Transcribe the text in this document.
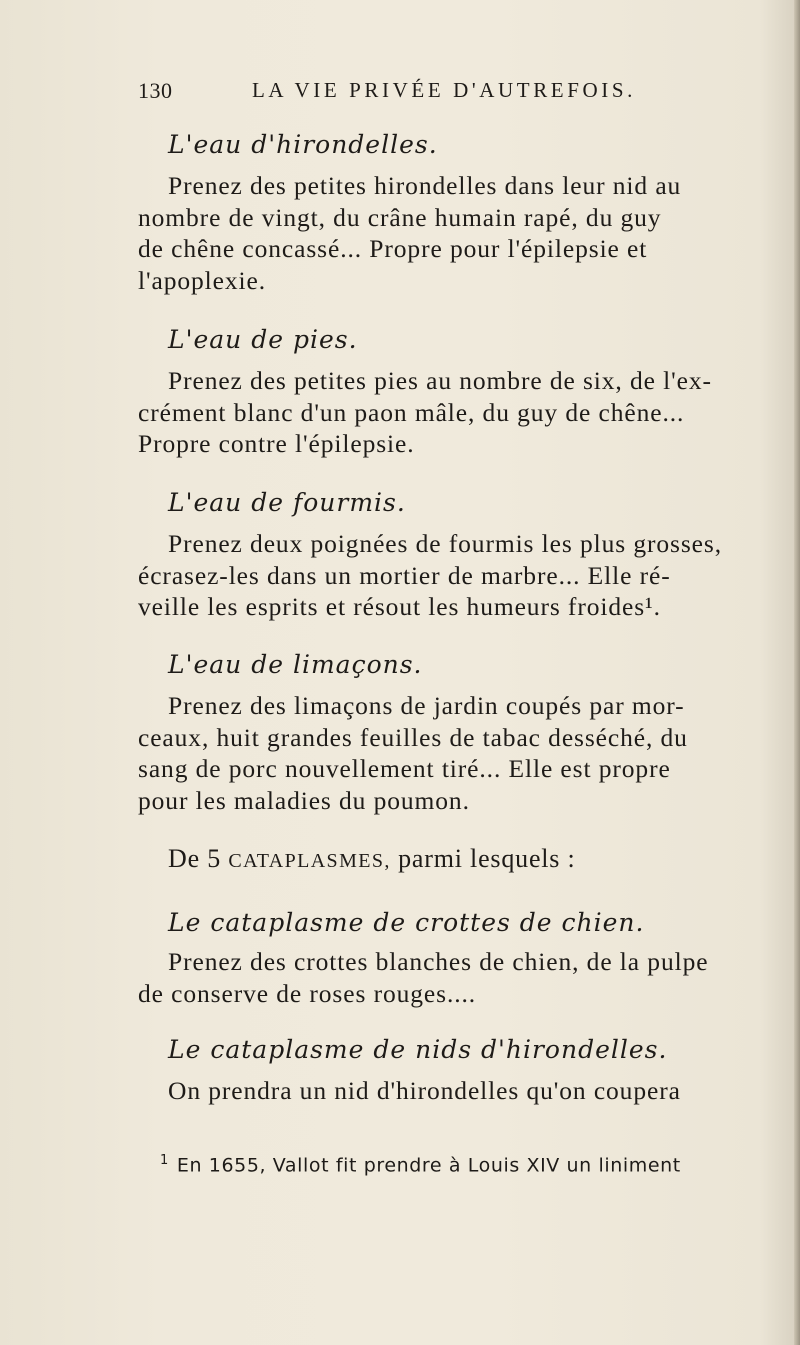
130	LA VIE PRIVÉE D'AUTREFOIS.
L'eau d'hirondelles.
Prenez des petites hirondelles dans leur nid au
nombre de vingt, du crâne humain rapé, du guy
de chêne concassé... Propre pour l'épilepsie et
l'apoplexie.
L'eau de pies.
Prenez des petites pies au nombre de six, de l'ex-
crément blanc d'un paon mâle, du guy de chêne...
Propre contre l'épilepsie.
L'eau de fourmis.
Prenez deux poignées de fourmis les plus grosses,
écrasez-les dans un mortier de marbre... Elle ré-
veille les esprits et résout les humeurs froides¹.
L'eau de limaçons.
Prenez des limaçons de jardin coupés par mor-
ceaux, huit grandes feuilles de tabac desséché, du
sang de porc nouvellement tiré... Elle est propre
pour les maladies du poumon.
De 5 CATAPLASMES, parmi lesquels :
Le cataplasme de crottes de chien.
Prenez des crottes blanches de chien, de la pulpe
de conserve de roses rouges....
Le cataplasme de nids d'hirondelles.
On prendra un nid d'hirondelles qu'on coupera
$^1$ En 1655, Vallot fit prendre à Louis XIV un liniment
